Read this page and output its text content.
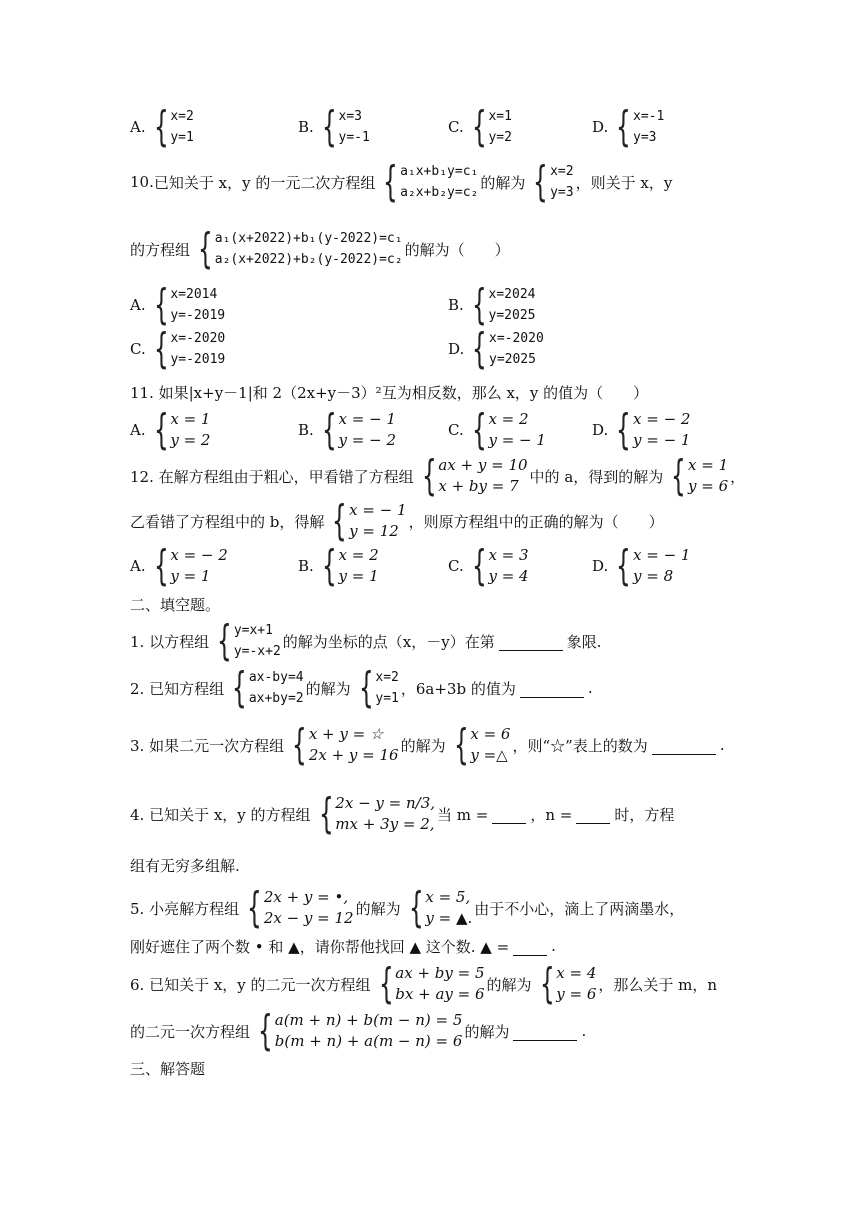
A. { x=2
y=1
B. { x=3
y=-1
C. { x=1
y=2
D. { x=-1
y=3
10. 已知关于 x，y 的一元二次方程组 { a₁x+b₁y=c₁
a₂x+b₂y=c₂
的解为 { x=2
y=3
，则关于 x，y
的方程组 { a₁(x+2022)+b₁(y-2022)=c₁
a₂(x+2022)+b₂(y-2022)=c₂
的解为（　　）
A. { x=2014
y=-2019
B. { x=2024
y=2025
C. { x=-2020
y=-2019
D. { x=-2020
y=2025
11. 如果|x+y－1|和 2（2x+y－3）²互为相反数，那么 x，y 的值为（　　）
A. { x = 1
y = 2
B. { x = − 1
y = − 2
C. { x = 2
y = − 1
D. { x = − 2
y = − 1
12. 在解方程组由于粗心，甲看错了方程组 { ax + y = 10
x + by = 7
中的 a，得到的解为 { x = 1
y = 6
，
乙看错了方程组中的 b，得解 { x = − 1
y = 12
，则原方程组中的正确的解为（　　）
A. { x = − 2
y = 1
B. { x = 2
y = 1
C. { x = 3
y = 4
D. { x = − 1
y = 8
二、填空题。
1. 以方程组 { y=x+1
y=-x+2
的解为坐标的点（x，－y）在第	象限.
2. 已知方程组 { ax-by=4
ax+by=2
的解为 { x=2
y=1
，6a+3b 的值为	.
3. 如果二元一次方程组 { x + y = ☆
2x + y = 16
的解为 { x = 6
y =△
，则“☆”表上的数为	.
4. 已知关于 x，y 的方程组 { 2x − y = n/3,
mx + 3y = 2,
当 m =	，n =	时，方程
组有无穷多组解.
5. 小亮解方程组 { 2x + y = •,
2x − y = 12
的解为 { x = 5,
y = ▲.
由于不小心，滴上了两滴墨水，
刚好遮住了两个数 • 和 ▲，请你帮他找回 ▲ 这个数. ▲ =	.
6. 已知关于 x，y 的二元一次方程组 { ax + by = 5
bx + ay = 6
的解为 { x = 4
y = 6
，那么关于 m，n
的二元一次方程组 { a(m + n) + b(m − n) = 5
b(m + n) + a(m − n) = 6
的解为	.
三、解答题
